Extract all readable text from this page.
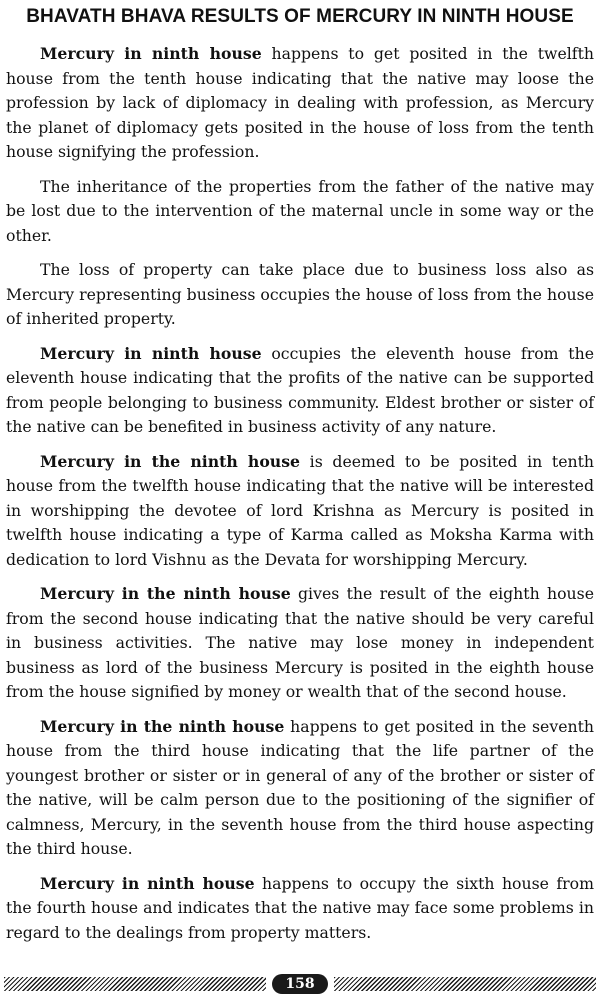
BHAVATH BHAVA RESULTS OF MERCURY IN NINTH HOUSE

Mercury in ninth house happens to get posited in the twelfth house from the tenth house indicating that the native may loose the profession by lack of diplomacy in dealing with profession, as Mercury the planet of diplomacy gets posited in the house of loss from the tenth house signifying the profession.

The inheritance of the properties from the father of the native may be lost due to the intervention of the maternal uncle in some way or the other.

The loss of property can take place due to business loss also as Mercury representing business occupies the house of loss from the house of inherited property.

Mercury in ninth house occupies the eleventh house from the eleventh house indicating that the profits of the native can be supported from people belonging to business community. Eldest brother or sister of the native can be benefited in business activity of any nature.

Mercury in the ninth house is deemed to be posited in tenth house from the twelfth house indicating that the native will be interested in worshipping the devotee of lord Krishna as Mercury is posited in twelfth house indicating a type of Karma called as Moksha Karma with dedication to lord Vishnu as the Devata for worshipping Mercury.

Mercury in the ninth house gives the result of the eighth house from the second house indicating that the native should be very careful in business activities. The native may lose money in independent business as lord of the business Mercury is posited in the eighth house from the house signified by money or wealth that of the second house.

Mercury in the ninth house happens to get posited in the seventh house from the third house indicating that the life partner of the youngest brother or sister or in general of any of the brother or sister of the native, will be calm person due to the positioning of the signifier of calmness, Mercury, in the seventh house from the third house aspecting the third house.

Mercury in ninth house happens to occupy the sixth house from the fourth house and indicates that the native may face some problems in regard to the dealings from property matters.

158
